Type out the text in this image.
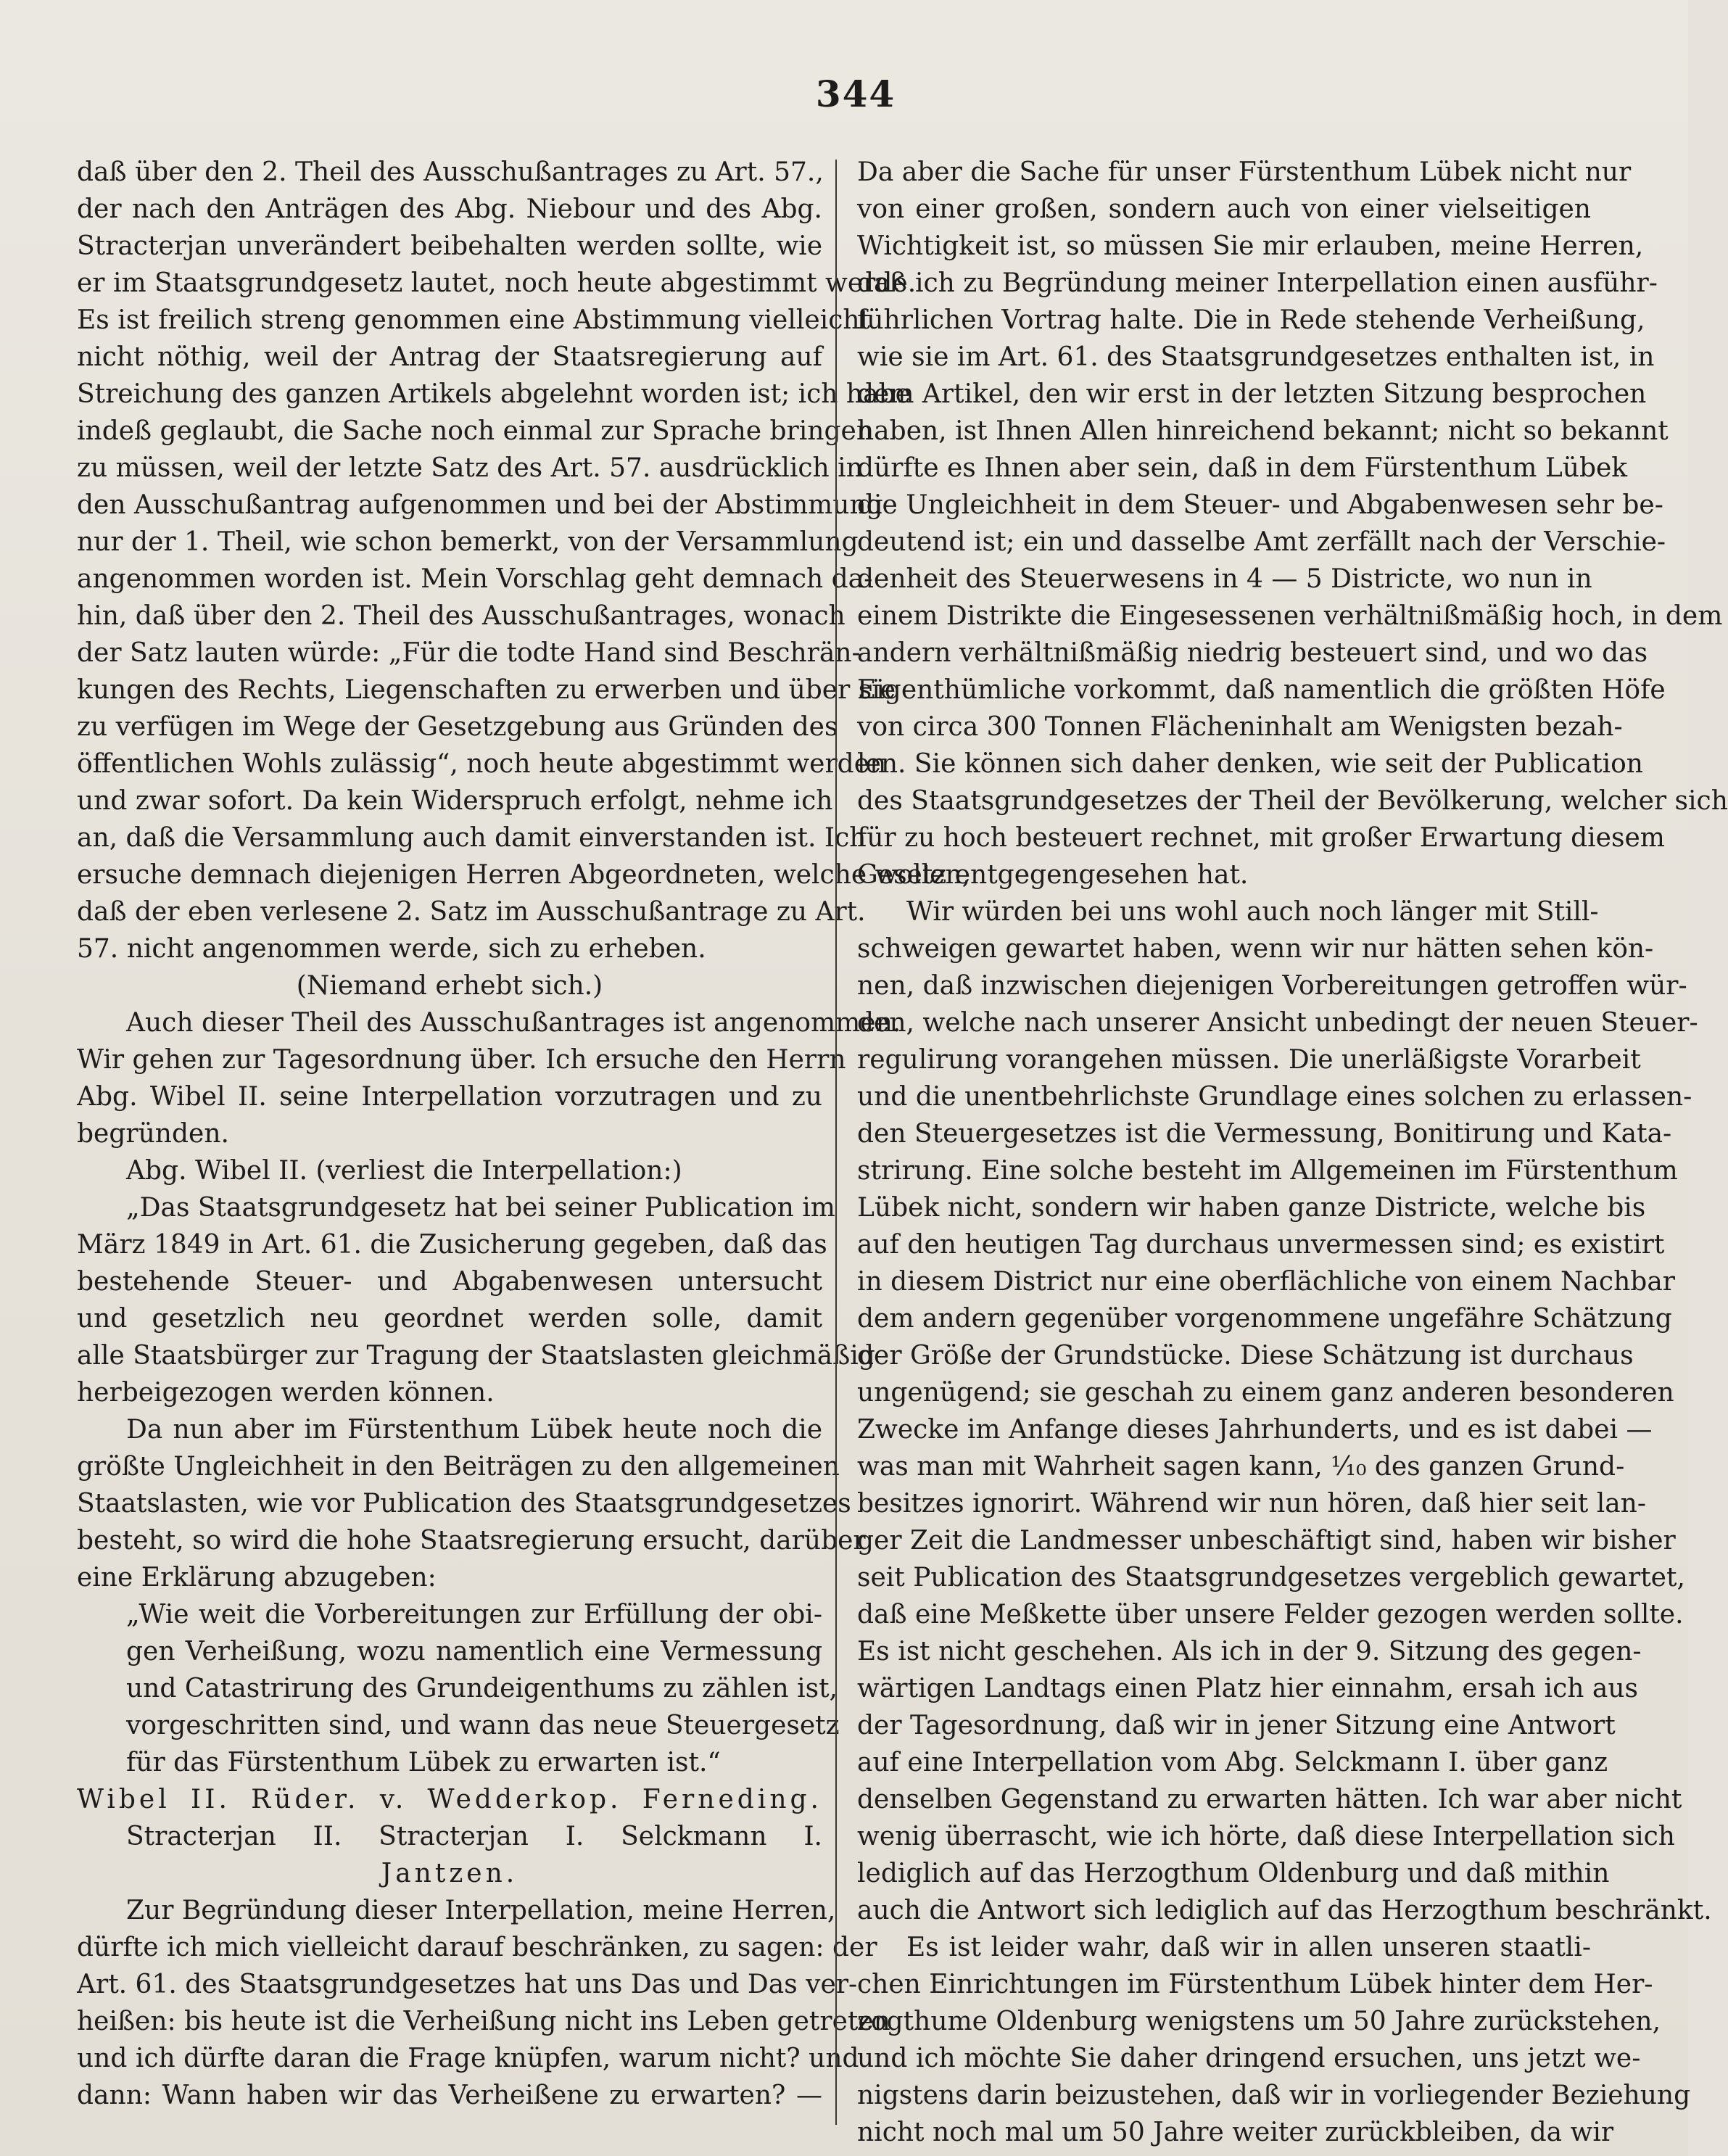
344
daß über den 2. Theil des Ausschußantrages zu Art. 57.,
der nach den Anträgen des Abg. Niebour und des Abg.
Stracterjan unverändert beibehalten werden sollte, wie
er im Staatsgrundgesetz lautet, noch heute abgestimmt werde.
Es ist freilich streng genommen eine Abstimmung vielleicht
nicht nöthig, weil der Antrag der Staatsregierung auf
Streichung des ganzen Artikels abgelehnt worden ist; ich habe
indeß geglaubt, die Sache noch einmal zur Sprache bringen
zu müssen, weil der letzte Satz des Art. 57. ausdrücklich in
den Ausschußantrag aufgenommen und bei der Abstimmung
nur der 1. Theil, wie schon bemerkt, von der Versammlung
angenommen worden ist. Mein Vorschlag geht demnach da-
hin, daß über den 2. Theil des Ausschußantrages, wonach
der Satz lauten würde: „Für die todte Hand sind Beschrän-
kungen des Rechts, Liegenschaften zu erwerben und über sie
zu verfügen im Wege der Gesetzgebung aus Gründen des
öffentlichen Wohls zulässig“, noch heute abgestimmt werden
und zwar sofort. Da kein Widerspruch erfolgt, nehme ich
an, daß die Versammlung auch damit einverstanden ist. Ich
ersuche demnach diejenigen Herren Abgeordneten, welche wollen,
daß der eben verlesene 2. Satz im Ausschußantrage zu Art.
57. nicht angenommen werde, sich zu erheben.
(Niemand erhebt sich.)
Auch dieser Theil des Ausschußantrages ist angenommen.
Wir gehen zur Tagesordnung über. Ich ersuche den Herrn
Abg. Wibel II. seine Interpellation vorzutragen und zu
begründen.
Abg. Wibel II. (verliest die Interpellation:)
„Das Staatsgrundgesetz hat bei seiner Publication im
März 1849 in Art. 61. die Zusicherung gegeben, daß das
bestehende Steuer- und Abgabenwesen untersucht
und gesetzlich neu geordnet werden solle, damit
alle Staatsbürger zur Tragung der Staatslasten gleichmäßig
herbeigezogen werden können.
Da nun aber im Fürstenthum Lübek heute noch die
größte Ungleichheit in den Beiträgen zu den allgemeinen
Staatslasten, wie vor Publication des Staatsgrundgesetzes
besteht, so wird die hohe Staatsregierung ersucht, darüber
eine Erklärung abzugeben:
„Wie weit die Vorbereitungen zur Erfüllung der obi-
gen Verheißung, wozu namentlich eine Vermessung
und Catastrirung des Grundeigenthums zu zählen ist,
vorgeschritten sind, und wann das neue Steuergesetz
für das Fürstenthum Lübek zu erwarten ist.“
Wibel II. Rüder. v. Wedderkop. Ferneding.
Stracterjan II. Stracterjan I. Selckmann I.
Jantzen.
Zur Begründung dieser Interpellation, meine Herren,
dürfte ich mich vielleicht darauf beschränken, zu sagen: der
Art. 61. des Staatsgrundgesetzes hat uns Das und Das ver-
heißen: bis heute ist die Verheißung nicht ins Leben getreten
und ich dürfte daran die Frage knüpfen, warum nicht? und
dann: Wann haben wir das Verheißene zu erwarten? —
Da aber die Sache für unser Fürstenthum Lübek nicht nur
von einer großen, sondern auch von einer vielseitigen
Wichtigkeit ist, so müssen Sie mir erlauben, meine Herren,
daß ich zu Begründung meiner Interpellation einen ausführ-
führlichen Vortrag halte. Die in Rede stehende Verheißung,
wie sie im Art. 61. des Staatsgrundgesetzes enthalten ist, in
dem Artikel, den wir erst in der letzten Sitzung besprochen
haben, ist Ihnen Allen hinreichend bekannt; nicht so bekannt
dürfte es Ihnen aber sein, daß in dem Fürstenthum Lübek
die Ungleichheit in dem Steuer- und Abgabenwesen sehr be-
deutend ist; ein und dasselbe Amt zerfällt nach der Verschie-
denheit des Steuerwesens in 4 — 5 Districte, wo nun in
einem Distrikte die Eingesessenen verhältnißmäßig hoch, in dem
andern verhältnißmäßig niedrig besteuert sind, und wo das
Eigenthümliche vorkommt, daß namentlich die größten Höfe
von circa 300 Tonnen Flächeninhalt am Wenigsten bezah-
len. Sie können sich daher denken, wie seit der Publication
des Staatsgrundgesetzes der Theil der Bevölkerung, welcher sich
für zu hoch besteuert rechnet, mit großer Erwartung diesem
Gesetz entgegengesehen hat.
Wir würden bei uns wohl auch noch länger mit Still-
schweigen gewartet haben, wenn wir nur hätten sehen kön-
nen, daß inzwischen diejenigen Vorbereitungen getroffen wür-
den, welche nach unserer Ansicht unbedingt der neuen Steuer-
regulirung vorangehen müssen. Die unerläßigste Vorarbeit
und die unentbehrlichste Grundlage eines solchen zu erlassen-
den Steuergesetzes ist die Vermessung, Bonitirung und Kata-
strirung. Eine solche besteht im Allgemeinen im Fürstenthum
Lübek nicht, sondern wir haben ganze Districte, welche bis
auf den heutigen Tag durchaus unvermessen sind; es existirt
in diesem District nur eine oberflächliche von einem Nachbar
dem andern gegenüber vorgenommene ungefähre Schätzung
der Größe der Grundstücke. Diese Schätzung ist durchaus
ungenügend; sie geschah zu einem ganz anderen besonderen
Zwecke im Anfange dieses Jahrhunderts, und es ist dabei —
was man mit Wahrheit sagen kann, ¹⁄₁₀ des ganzen Grund-
besitzes ignorirt. Während wir nun hören, daß hier seit lan-
ger Zeit die Landmesser unbeschäftigt sind, haben wir bisher
seit Publication des Staatsgrundgesetzes vergeblich gewartet,
daß eine Meßkette über unsere Felder gezogen werden sollte.
Es ist nicht geschehen. Als ich in der 9. Sitzung des gegen-
wärtigen Landtags einen Platz hier einnahm, ersah ich aus
der Tagesordnung, daß wir in jener Sitzung eine Antwort
auf eine Interpellation vom Abg. Selckmann I. über ganz
denselben Gegenstand zu erwarten hätten. Ich war aber nicht
wenig überrascht, wie ich hörte, daß diese Interpellation sich
lediglich auf das Herzogthum Oldenburg und daß mithin
auch die Antwort sich lediglich auf das Herzogthum beschränkt.
Es ist leider wahr, daß wir in allen unseren staatli-
chen Einrichtungen im Fürstenthum Lübek hinter dem Her-
zogthume Oldenburg wenigstens um 50 Jahre zurückstehen,
und ich möchte Sie daher dringend ersuchen, uns jetzt we-
nigstens darin beizustehen, daß wir in vorliegender Beziehung
nicht noch mal um 50 Jahre weiter zurückbleiben, da wir
